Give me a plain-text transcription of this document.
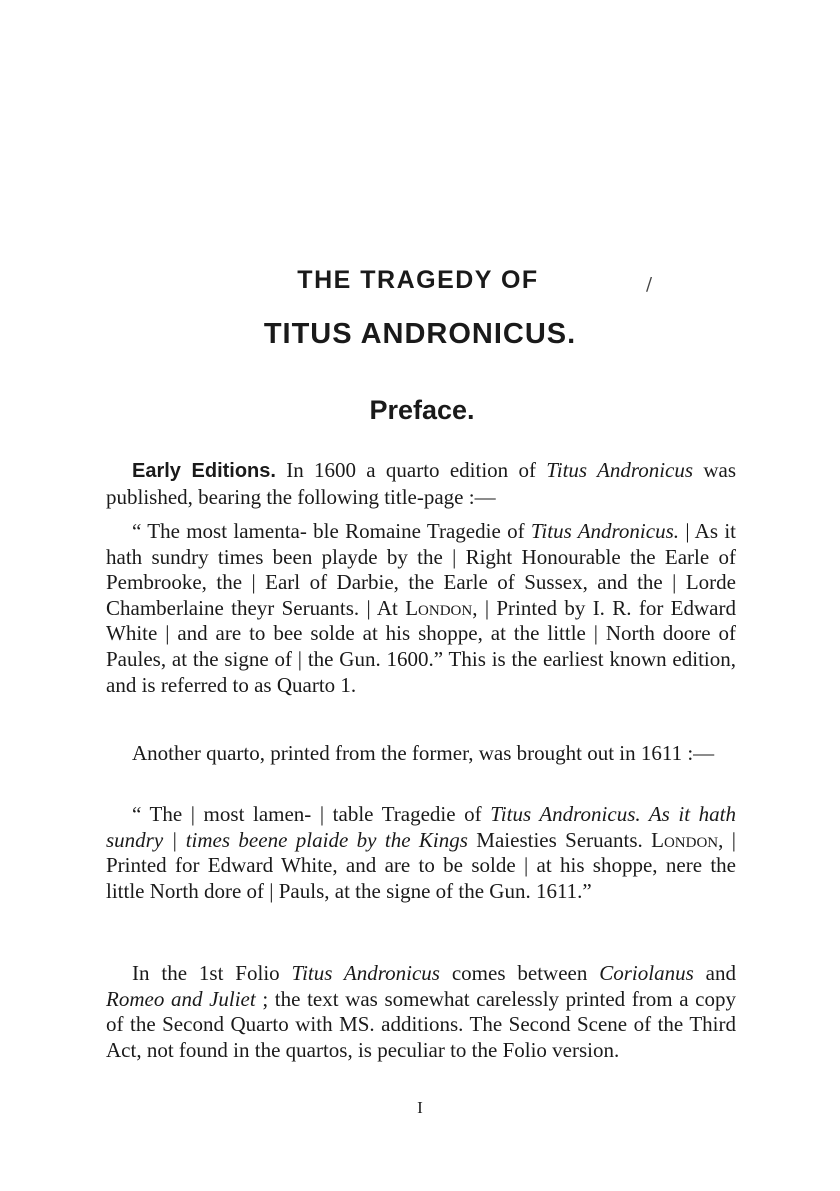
THE TRAGEDY OF	/
TITUS ANDRONICUS.
Preface.

Early Editions. In 1600 a quarto edition of Titus Andronicus was published, bearing the following title-page :—

“ The most lamenta- ble Romaine Tragedie of Titus Andronicus. | As it hath sundry times been playde by the | Right Honourable the Earle of Pembrooke, the | Earl of Darbie, the Earle of Sussex, and the | Lorde Chamberlaine theyr Seruants. | At London, | Printed by I. R. for Edward White | and are to bee solde at his shoppe, at the little | North doore of Paules, at the signe of | the Gun. 1600.” This is the earliest known edition, and is referred to as Quarto 1.

Another quarto, printed from the former, was brought out in 1611 :—

“ The | most lamen- | table Tragedie of Titus Andronicus. As it hath sundry | times beene plaide by the Kings Maiesties Seruants. London, | Printed for Edward White, and are to be solde | at his shoppe, nere the little North dore of | Pauls, at the signe of the Gun. 1611.”

In the 1st Folio Titus Andronicus comes between Coriolanus and Romeo and Juliet ; the text was somewhat carelessly printed from a copy of the Second Quarto with MS. additions. The Second Scene of the Third Act, not found in the quartos, is peculiar to the Folio version.

I
